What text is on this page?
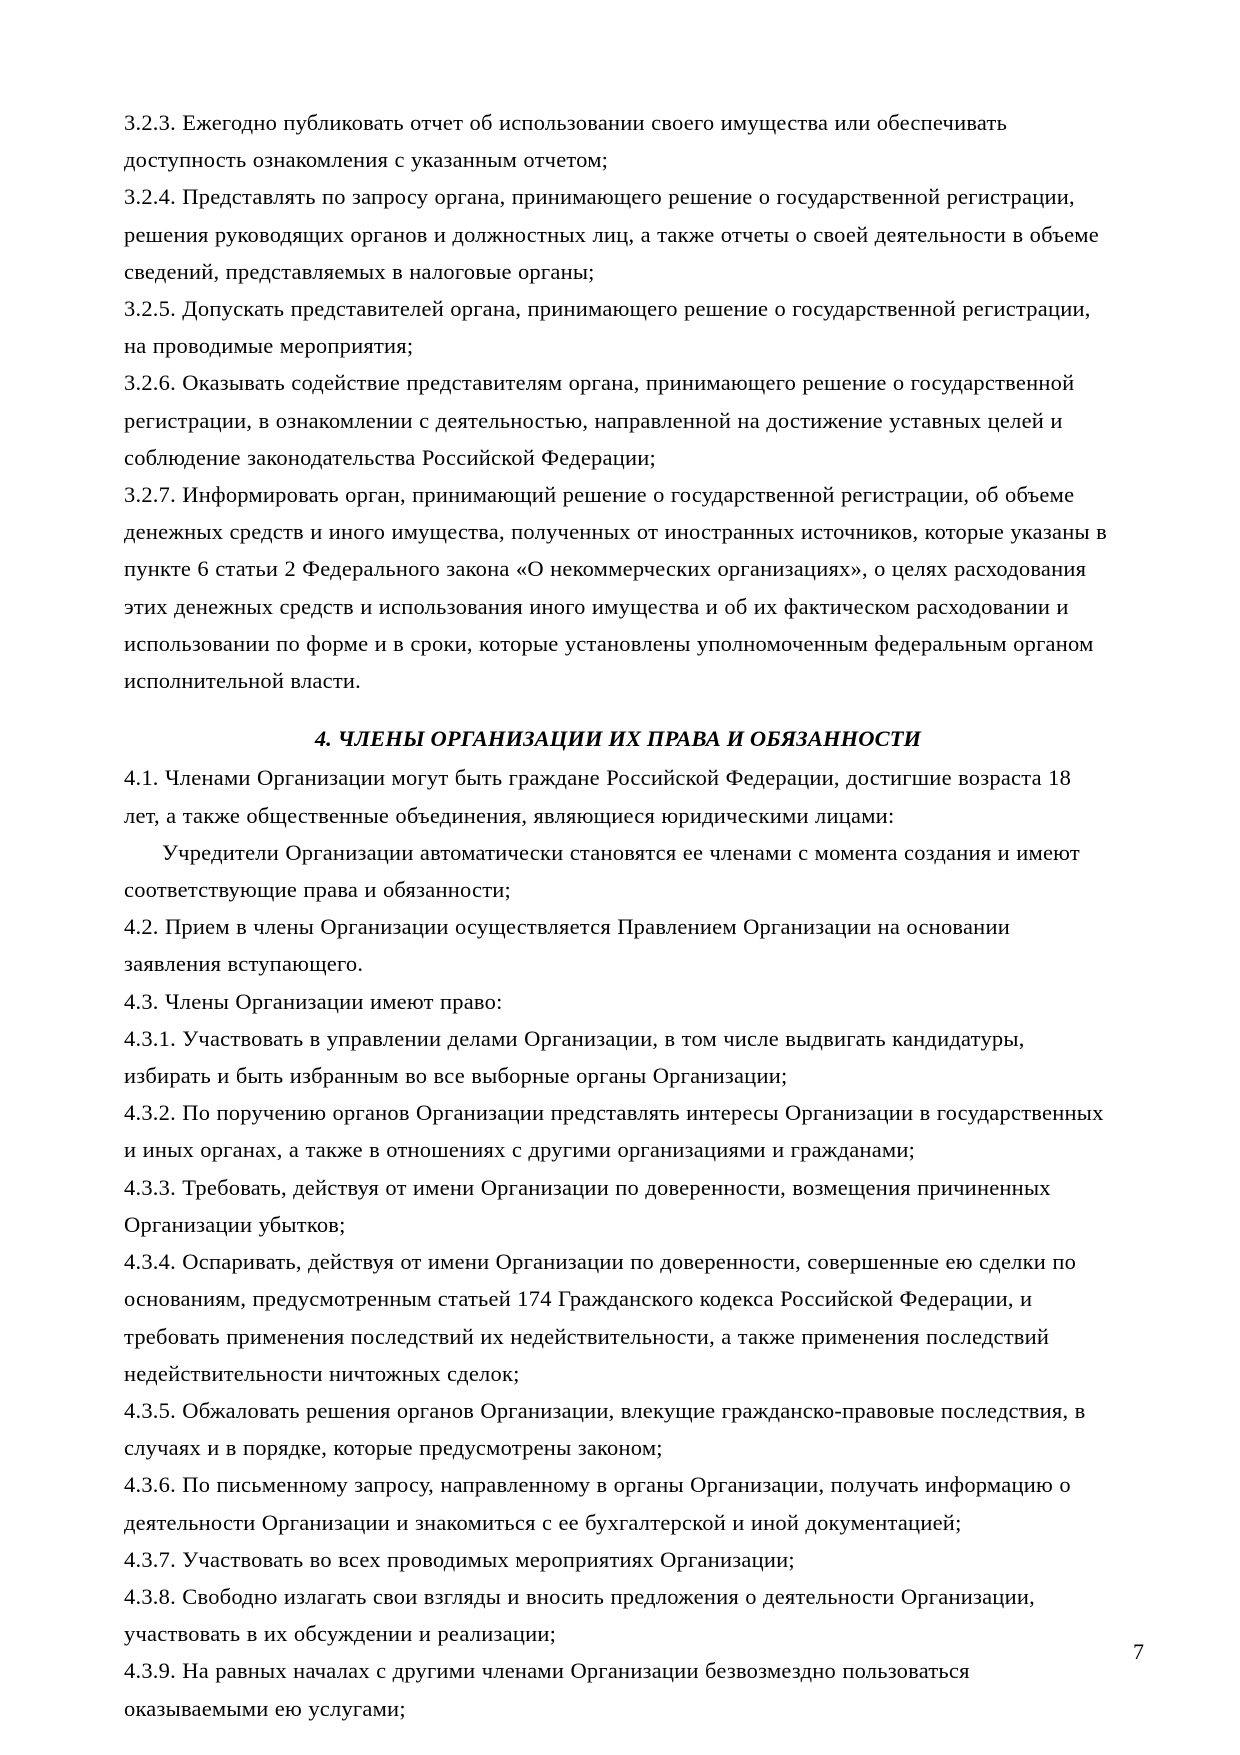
3.2.3. Ежегодно публиковать отчет об использовании своего имущества или обеспечивать доступность ознакомления с указанным отчетом;

3.2.4. Представлять по запросу органа, принимающего решение о государственной регистрации, решения руководящих органов и должностных лиц, а также отчеты о своей деятельности в объеме сведений, представляемых в налоговые органы;

3.2.5. Допускать представителей органа, принимающего решение о государственной регистрации, на проводимые мероприятия;

3.2.6. Оказывать содействие представителям органа, принимающего решение о государственной регистрации, в ознакомлении с деятельностью, направленной на достижение уставных целей и соблюдение законодательства Российской Федерации;

3.2.7. Информировать орган, принимающий решение о государственной регистрации, об объеме денежных средств и иного имущества, полученных от иностранных источников, которые указаны в пункте 6 статьи 2 Федерального закона «О некоммерческих организациях», о целях расходования этих денежных средств и использования иного имущества и об их фактическом расходовании и использовании по форме и в сроки, которые установлены уполномоченным федеральным органом исполнительной власти.

4. ЧЛЕНЫ ОРГАНИЗАЦИИ ИХ ПРАВА И ОБЯЗАННОСТИ

4.1. Членами Организации могут быть граждане Российской Федерации, достигшие возраста 18 лет, а также общественные объединения, являющиеся юридическими лицами:

Учредители Организации автоматически становятся ее членами с момента создания и имеют соответствующие права и обязанности;

4.2. Прием в члены Организации осуществляется Правлением Организации на основании заявления вступающего.

4.3. Члены Организации имеют право:

4.3.1. Участвовать в управлении делами Организации, в том числе выдвигать кандидатуры, избирать и быть избранным во все выборные органы Организации;

4.3.2. По поручению органов Организации представлять интересы Организации в государственных и иных органах, а также в отношениях с другими организациями и гражданами;

4.3.3. Требовать, действуя от имени Организации по доверенности, возмещения причиненных Организации убытков;

4.3.4. Оспаривать, действуя от имени Организации по доверенности, совершенные ею сделки по основаниям, предусмотренным статьей 174 Гражданского кодекса Российской Федерации, и требовать применения последствий их недействительности, а также применения последствий недействительности ничтожных сделок;

4.3.5. Обжаловать решения органов Организации, влекущие гражданско-правовые последствия, в случаях и в порядке, которые предусмотрены законом;

4.3.6. По письменному запросу, направленному в органы Организации, получать информацию о деятельности Организации и знакомиться с ее бухгалтерской и иной документацией;

4.3.7. Участвовать во всех проводимых мероприятиях Организации;

4.3.8. Свободно излагать свои взгляды и вносить предложения о деятельности Организации, участвовать в их обсуждении и реализации;

4.3.9. На равных началах с другими членами Организации безвозмездно пользоваться оказываемыми ею услугами;

7
